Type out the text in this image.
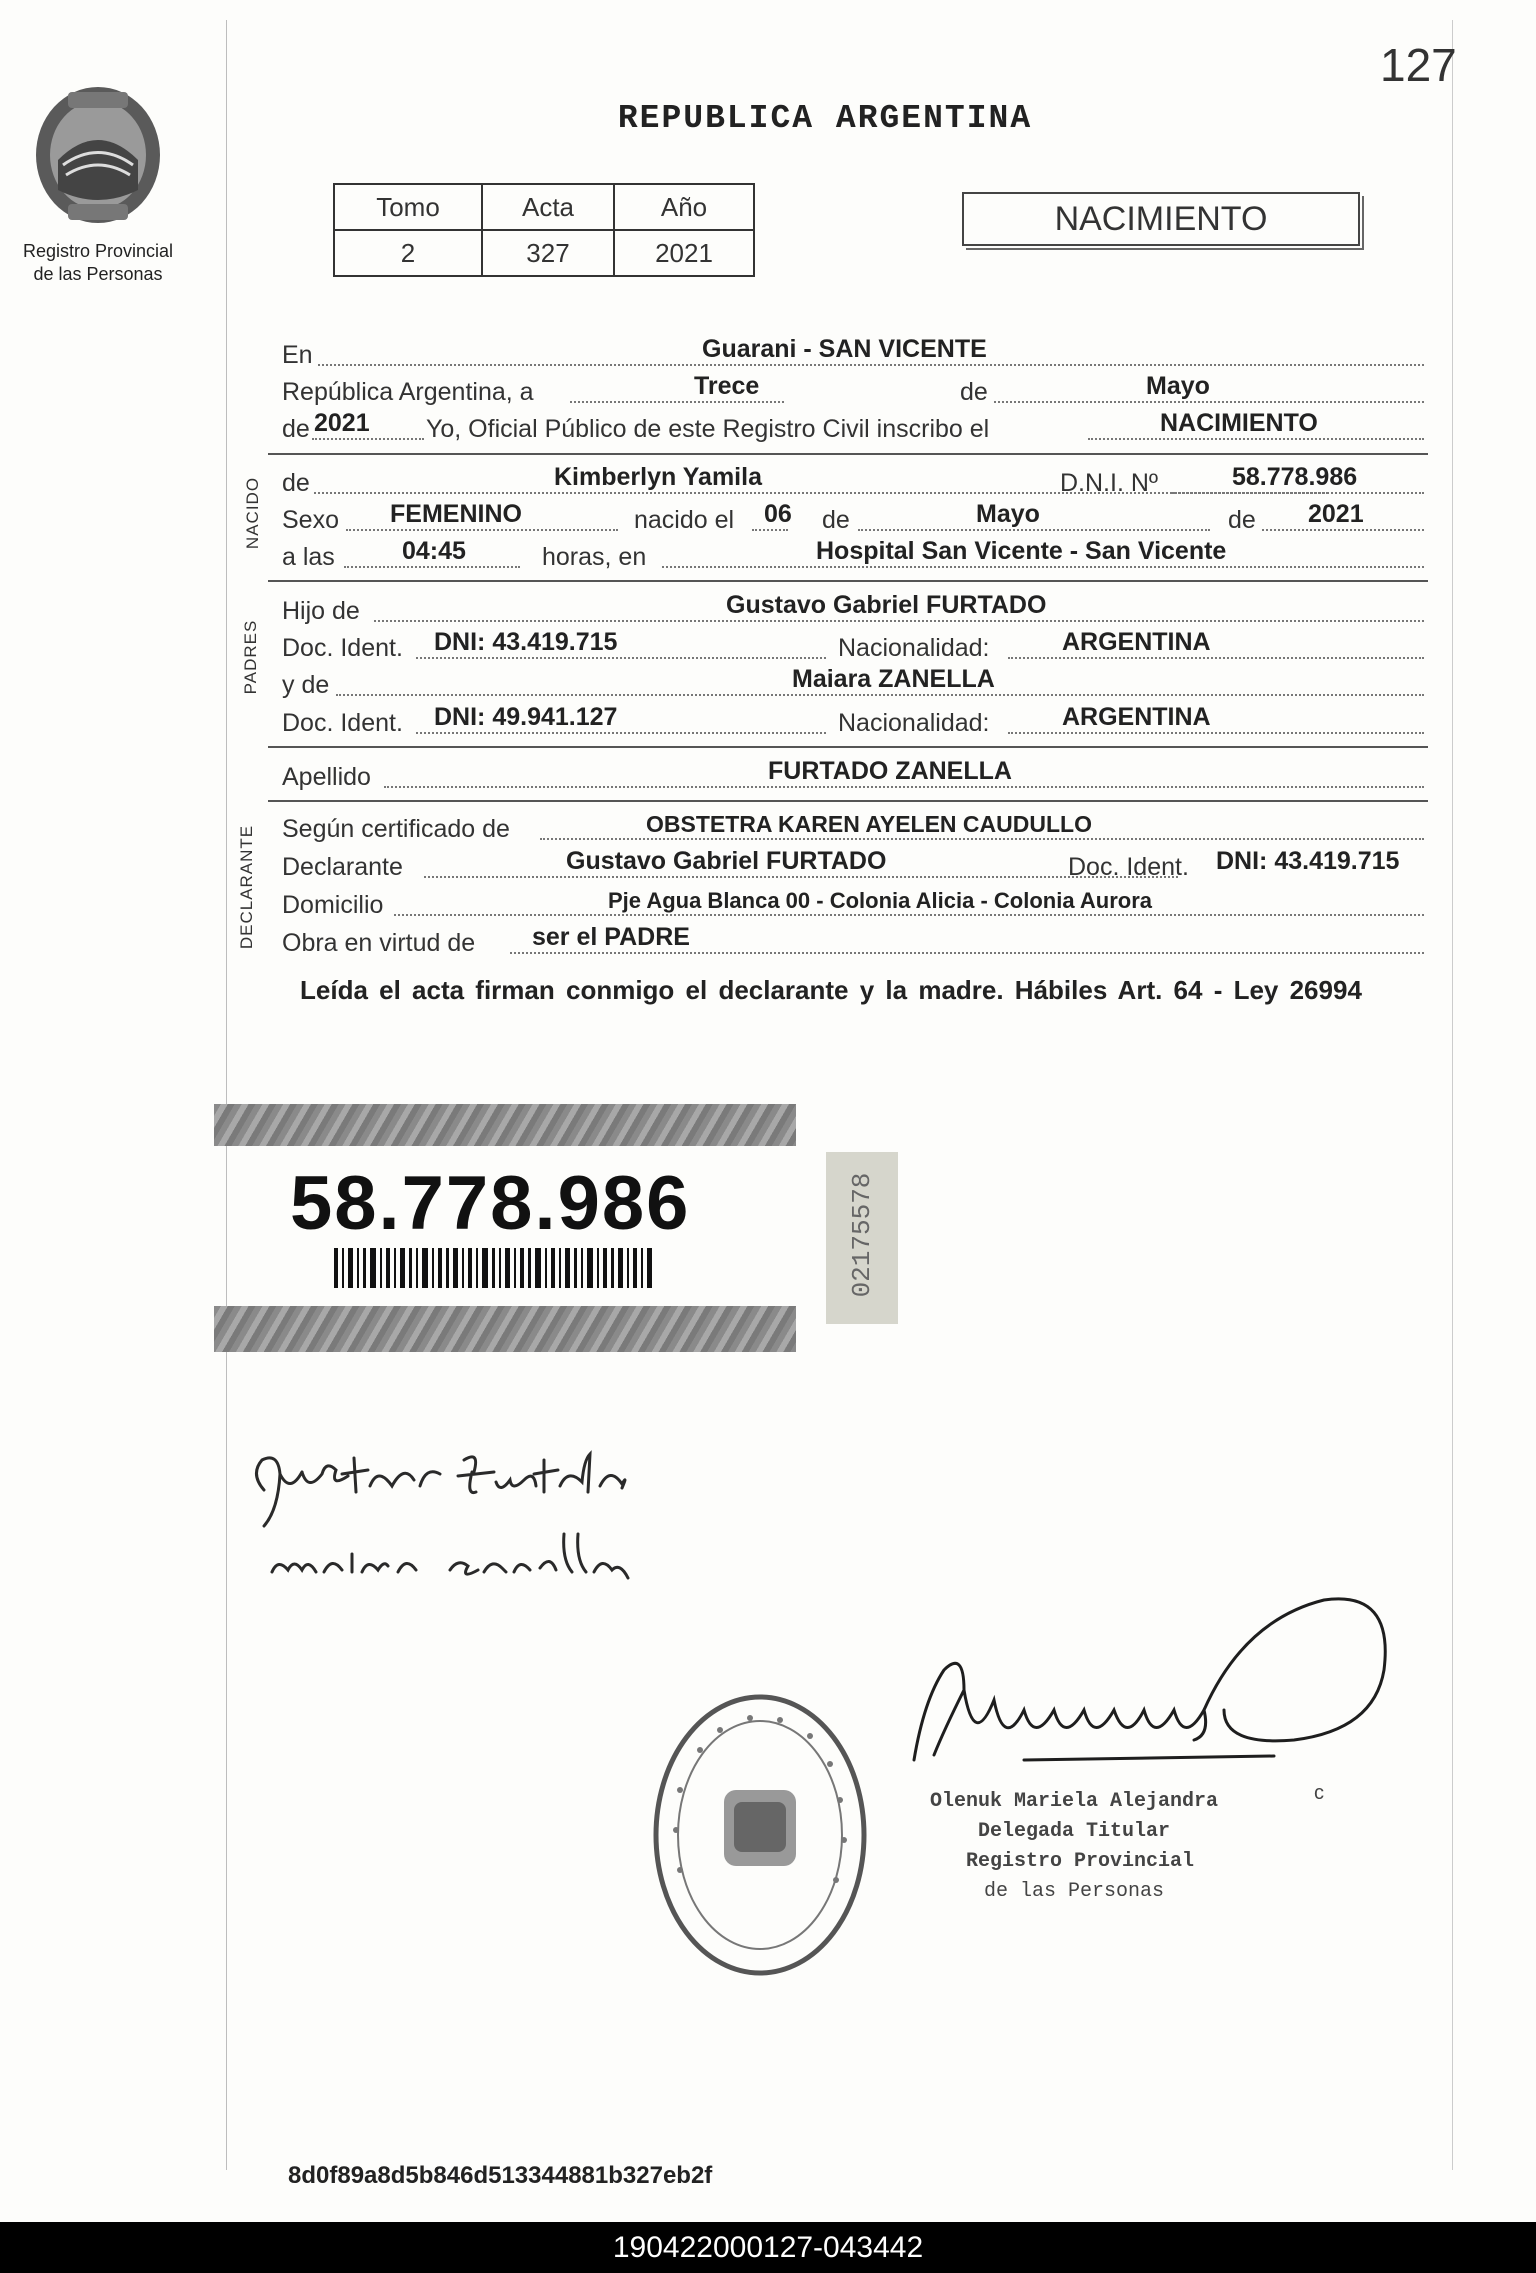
127
Registro Provincial
de las Personas
REPUBLICA ARGENTINA
Tomo	Acta	Año
2	327	2021
NACIMIENTO
En	Guarani - SAN VICENTE
República Argentina, a	Trece	de	Mayo
de 2021 Yo, Oficial Público de este Registro Civil inscribo el	NACIMIENTO
NACIDO de	Kimberlyn Yamila	D.N.I. Nº	58.778.986
Sexo FEMENINO	nacido el 06 de	Mayo	de 2021
a las	04:45	horas, en	Hospital San Vicente - San Vicente
PADRES
Hijo de	Gustavo Gabriel FURTADO
Doc. Ident. DNI: 43.419.715	Nacionalidad:	ARGENTINA
y de	Maiara ZANELLA
Doc. Ident. DNI: 49.941.127	Nacionalidad:	ARGENTINA
Apellido	FURTADO ZANELLA
DECLARANTE Según certificado de	OBSTETRA KAREN AYELEN CAUDULLO
Declarante	Gustavo Gabriel FURTADO	Doc. Ident. DNI: 43.419.715
Domicilio	Pje Agua Blanca 00 - Colonia Alicia - Colonia Aurora
Obra en virtud de ser el PADRE
Leída el acta firman conmigo el declarante y la madre. Hábiles Art. 64 - Ley 26994
58.778.986	02175578
Olenuk Mariela Alejandra
Delegada Titular
Registro Provincial
de las Personas
c
8d0f89a8d5b846d513344881b327eb2f
190422000127-043442
